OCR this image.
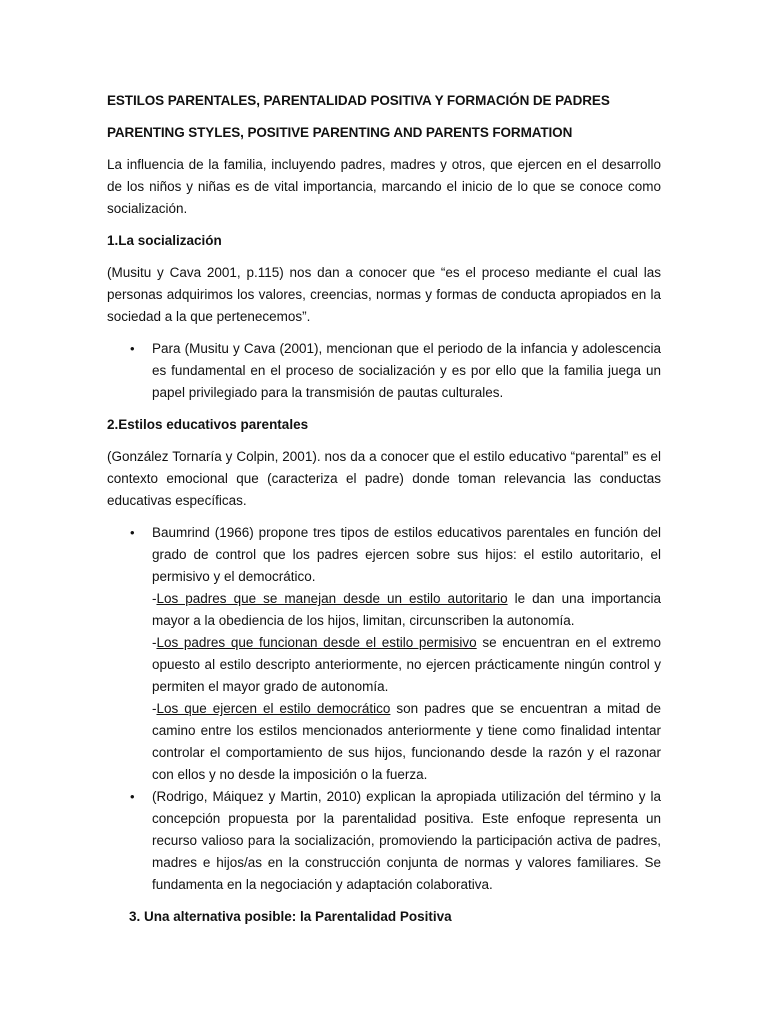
ESTILOS PARENTALES, PARENTALIDAD POSITIVA Y FORMACIÓN DE PADRES

PARENTING STYLES, POSITIVE PARENTING AND PARENTS FORMATION

La influencia de la familia, incluyendo padres, madres y otros, que ejercen en el desarrollo de los niños y niñas es de vital importancia, marcando el inicio de lo que se conoce como socialización.

1.La socialización

(Musitu y Cava 2001, p.115) nos dan a conocer que “es el proceso mediante el cual las personas adquirimos los valores, creencias, normas y formas de conducta apropiados en la sociedad a la que pertenecemos”.

• Para (Musitu y Cava (2001), mencionan que el periodo de la infancia y adolescencia es fundamental en el proceso de socialización y es por ello que la familia juega un papel privilegiado para la transmisión de pautas culturales.

2.Estilos educativos parentales

(González Tornaría y Colpin, 2001). nos da a conocer que el estilo educativo “parental” es el contexto emocional que (caracteriza el padre) donde toman relevancia las conductas educativas específicas.

• Baumrind (1966) propone tres tipos de estilos educativos parentales en función del grado de control que los padres ejercen sobre sus hijos: el estilo autoritario, el permisivo y el democrático.
-Los padres que se manejan desde un estilo autoritario le dan una importancia mayor a la obediencia de los hijos, limitan, circunscriben la autonomía.
-Los padres que funcionan desde el estilo permisivo se encuentran en el extremo opuesto al estilo descripto anteriormente, no ejercen prácticamente ningún control y permiten el mayor grado de autonomía.
-Los que ejercen el estilo democrático son padres que se encuentran a mitad de camino entre los estilos mencionados anteriormente y tiene como finalidad intentar controlar el comportamiento de sus hijos, funcionando desde la razón y el razonar con ellos y no desde la imposición o la fuerza.
• (Rodrigo, Máiquez y Martin, 2010) explican la apropiada utilización del término y la concepción propuesta por la parentalidad positiva. Este enfoque representa un recurso valioso para la socialización, promoviendo la participación activa de padres, madres e hijos/as en la construcción conjunta de normas y valores familiares. Se fundamenta en la negociación y adaptación colaborativa.

3. Una alternativa posible: la Parentalidad Positiva
